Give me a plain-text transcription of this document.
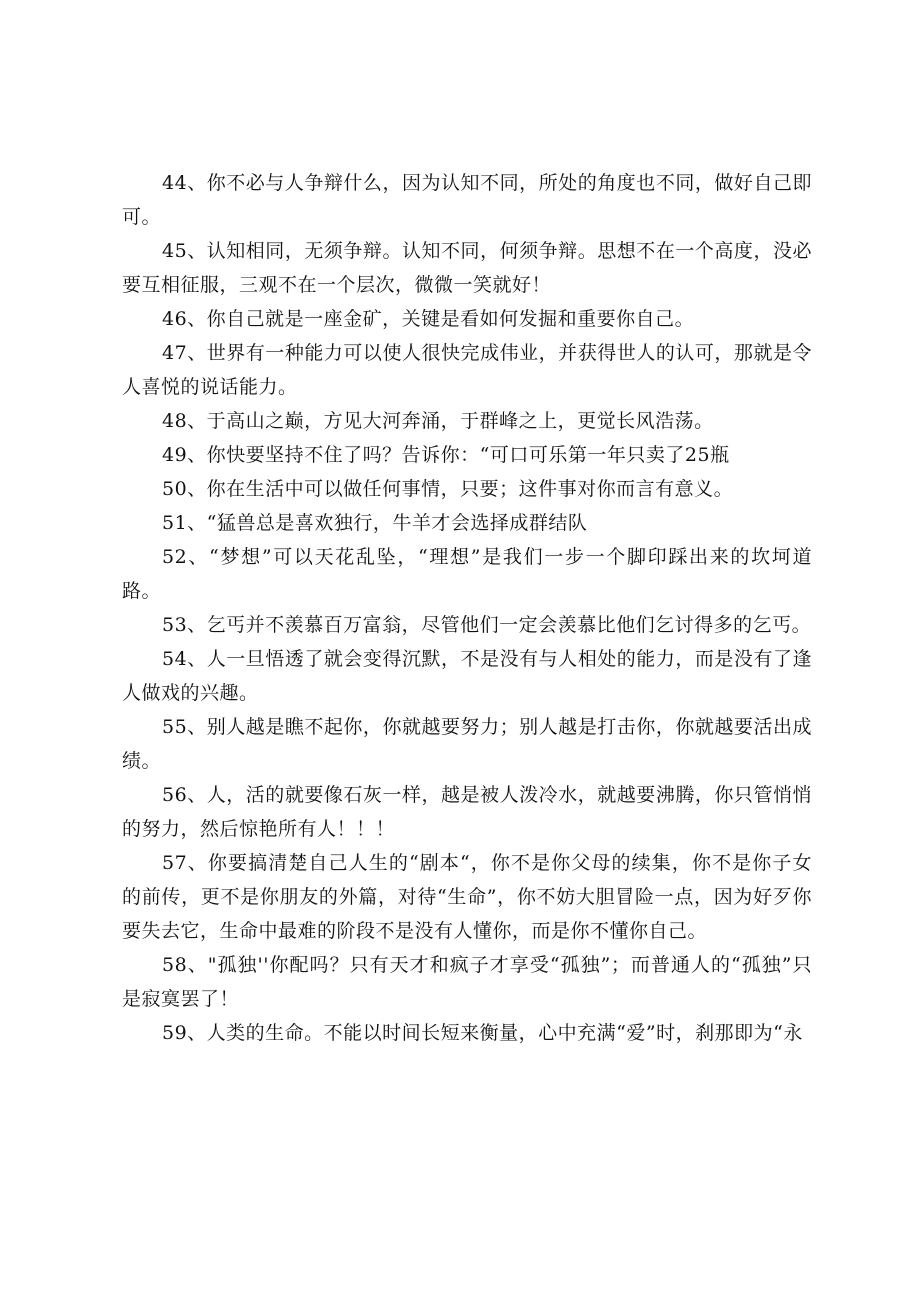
44、你不必与人争辩什么，因为认知不同，所处的角度也不同，做好自己即可。

45、认知相同，无须争辩。认知不同，何须争辩。思想不在一个高度，没必要互相征服，三观不在一个层次，微微一笑就好！

46、你自己就是一座金矿，关键是看如何发掘和重要你自己。

47、世界有一种能力可以使人很快完成伟业，并获得世人的认可，那就是令人喜悦的说话能力。

48、于高山之巅，方见大河奔涌，于群峰之上，更觉长风浩荡。

49、你快要坚持不住了吗？告诉你：“可口可乐第一年只卖了25瓶

50、你在生活中可以做任何事情，只要；这件事对你而言有意义。

51、“猛兽总是喜欢独行，牛羊才会选择成群结队

52、“梦想”可以天花乱坠，“理想”是我们一步一个脚印踩出来的坎坷道路。

53、乞丐并不羡慕百万富翁，尽管他们一定会羡慕比他们乞讨得多的乞丐。

54、人一旦悟透了就会变得沉默，不是没有与人相处的能力，而是没有了逢人做戏的兴趣。

55、别人越是瞧不起你，你就越要努力；别人越是打击你，你就越要活出成绩。

56、人，活的就要像石灰一样，越是被人泼冷水，就越要沸腾，你只管悄悄的努力，然后惊艳所有人！！！

57、你要搞清楚自己人生的“剧本“，你不是你父母的续集，你不是你子女的前传，更不是你朋友的外篇，对待“生命”，你不妨大胆冒险一点，因为好歹你要失去它，生命中最难的阶段不是没有人懂你，而是你不懂你自己。

58、"孤独''你配吗？只有天才和疯子才享受“孤独”；而普通人的“孤独”只是寂寞罢了！

59、人类的生命。不能以时间长短来衡量，心中充满“爱”时，刹那即为“永
